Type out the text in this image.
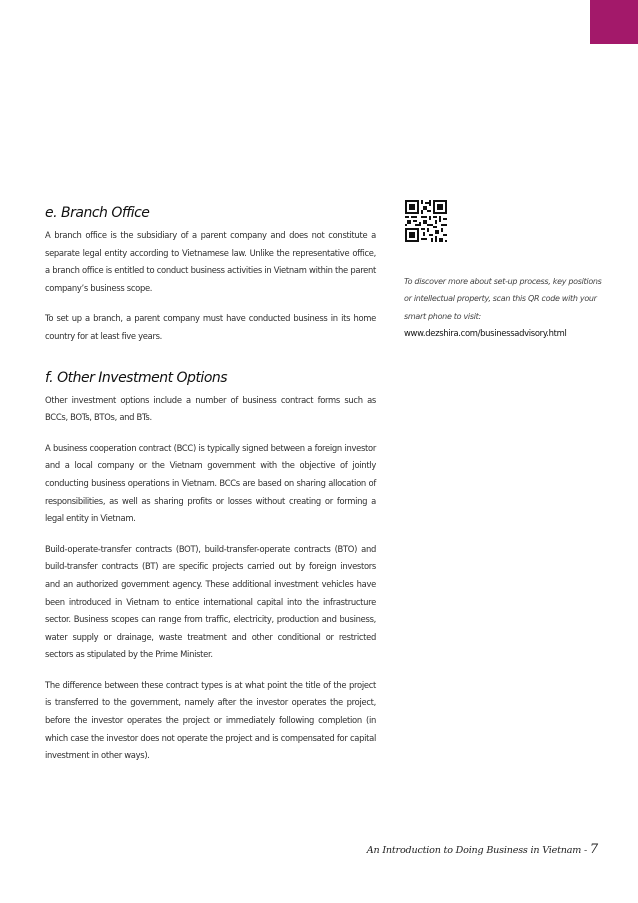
e. Branch Office

A branch office is the subsidiary of a parent company and does not constitute a separate legal entity according to Vietnamese law. Unlike the representative office, a branch office is entitled to conduct business activities in Vietnam within the parent company’s business scope.

To set up a branch, a parent company must have conducted business in its home country for at least five years.

f. Other Investment Options

Other investment options include a number of business contract forms such as BCCs, BOTs, BTOs, and BTs.

A business cooperation contract (BCC) is typically signed between a foreign investor and a local company or the Vietnam government with the objective of jointly conducting business operations in Vietnam. BCCs are based on sharing allocation of responsibilities, as well as sharing profits or losses without creating or forming a legal entity in Vietnam.

Build-operate-transfer contracts (BOT), build-transfer-operate contracts (BTO) and build-transfer contracts (BT) are specific projects carried out by foreign investors and an authorized government agency. These additional investment vehicles have been introduced in Vietnam to entice international capital into the infrastructure sector. Business scopes can range from traffic, electricity, production and business, water supply or drainage, waste treatment and other conditional or restricted sectors as stipulated by the Prime Minister.

The difference between these contract types is at what point the title of the project is transferred to the government, namely after the investor operates the project, before the investor operates the project or immediately following completion (in which case the investor does not operate the project and is compensated for capital investment in other ways).

To discover more about set-up process, key positions or intellectual property, scan this QR code with your smart phone to visit:
www.dezshira.com/businessadvisory.html

An Introduction to Doing Business in Vietnam - 7
